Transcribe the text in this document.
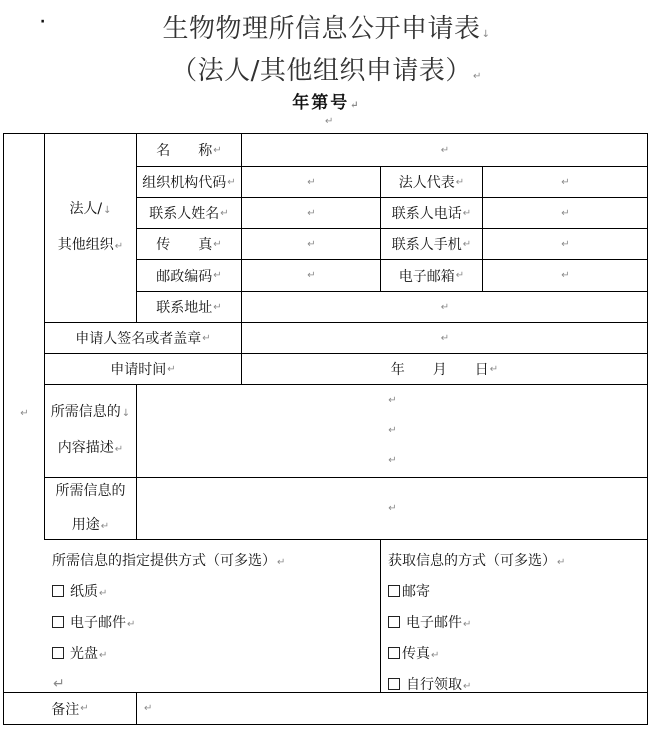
·	生物物理所信息公开申请表↓
（法人/其他组织申请表）↵
年第号↵
↵
↵
法人/↓
其他组织↵
名　　称 ↵	↵
组织机构代码 ↵	↵	法人代表 ↵	↵
联系人姓名 ↵	↵	联系人电话 ↵	↵
传　　真 ↵	↵	联系人手机 ↵	↵
邮政编码 ↵	↵	电子邮箱 ↵	↵
联系地址 ↵	↵
申请人签名或者盖章 ↵	↵
申请时间 ↵	年　　月　　日 ↵
所需信息的↓
内容描述↵
↵
↵
↵
所需信息的
用途↵
↵
所需信息的指定提供方式（可多选）↵
纸质↵
电子邮件↵
光盘↵
↵
获取信息的方式（可多选）↵
邮寄
电子邮件↵
传真↵
自行领取↵
备注 ↵	↵
